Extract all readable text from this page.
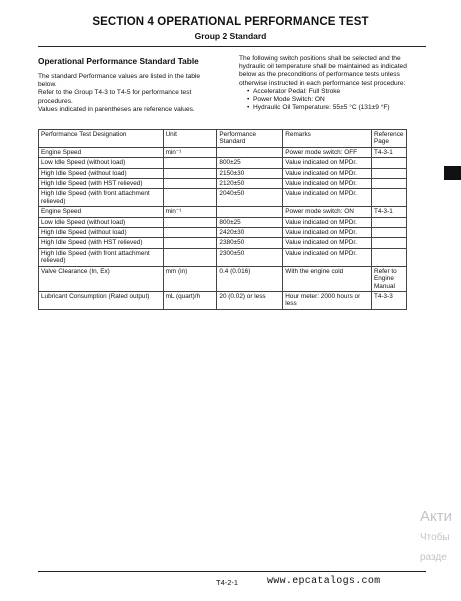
SECTION 4 OPERATIONAL PERFORMANCE TEST
Group 2 Standard
Operational Performance Standard Table
The standard Performance values are listed in the table
below.
Refer to the Group T4-3 to T4-5 for performance test
procedures.
Values indicated in parentheses are reference values.
The following switch positions shall be selected and the
hydraulic oil temperature shall be maintained as indicated
below as the preconditions of performance tests unless
otherwise instructed in each performance test procedure:
• Accelerator Pedal: Full Stroke
• Power Mode Switch: ON
• Hydraulic Oil Temperature: 55±5 °C (131±9 °F)
Performance Test Designation	Unit	Performance Standard	Remarks	Reference Page
Engine Speed	min⁻¹		Power mode switch: OFF	T4-3-1
Low Idle Speed (without load)		800±25	Value indicated on MPDr.	
High Idle Speed (without load)		2150±30	Value indicated on MPDr.	
High Idle Speed (with HST relieved)		2120±50	Value indicated on MPDr.	
High Idle Speed (with front attachment relieved)		2040±50	Value indicated on MPDr.	
Engine Speed	min⁻¹		Power mode switch: ON	T4-3-1
Low Idle Speed (without load)		800±25	Value indicated on MPDr.	
High Idle Speed (without load)		2420±30	Value indicated on MPDr.	
High Idle Speed (with HST relieved)		2380±50	Value indicated on MPDr.	
High Idle Speed (with front attachment relieved)		2300±50	Value indicated on MPDr.	
Valve Clearance (In, Ex)	mm (in)	0.4 (0.016)	With the engine cold	Refer to Engine Manual
Lubricant Consumption (Rated output)	mL (quart)/h	20 (0.02) or less	Hour meter: 2000 hours or less	T4-3-3
Акти
Чтобы
разде
T4-2-1	www.epcatalogs.com
